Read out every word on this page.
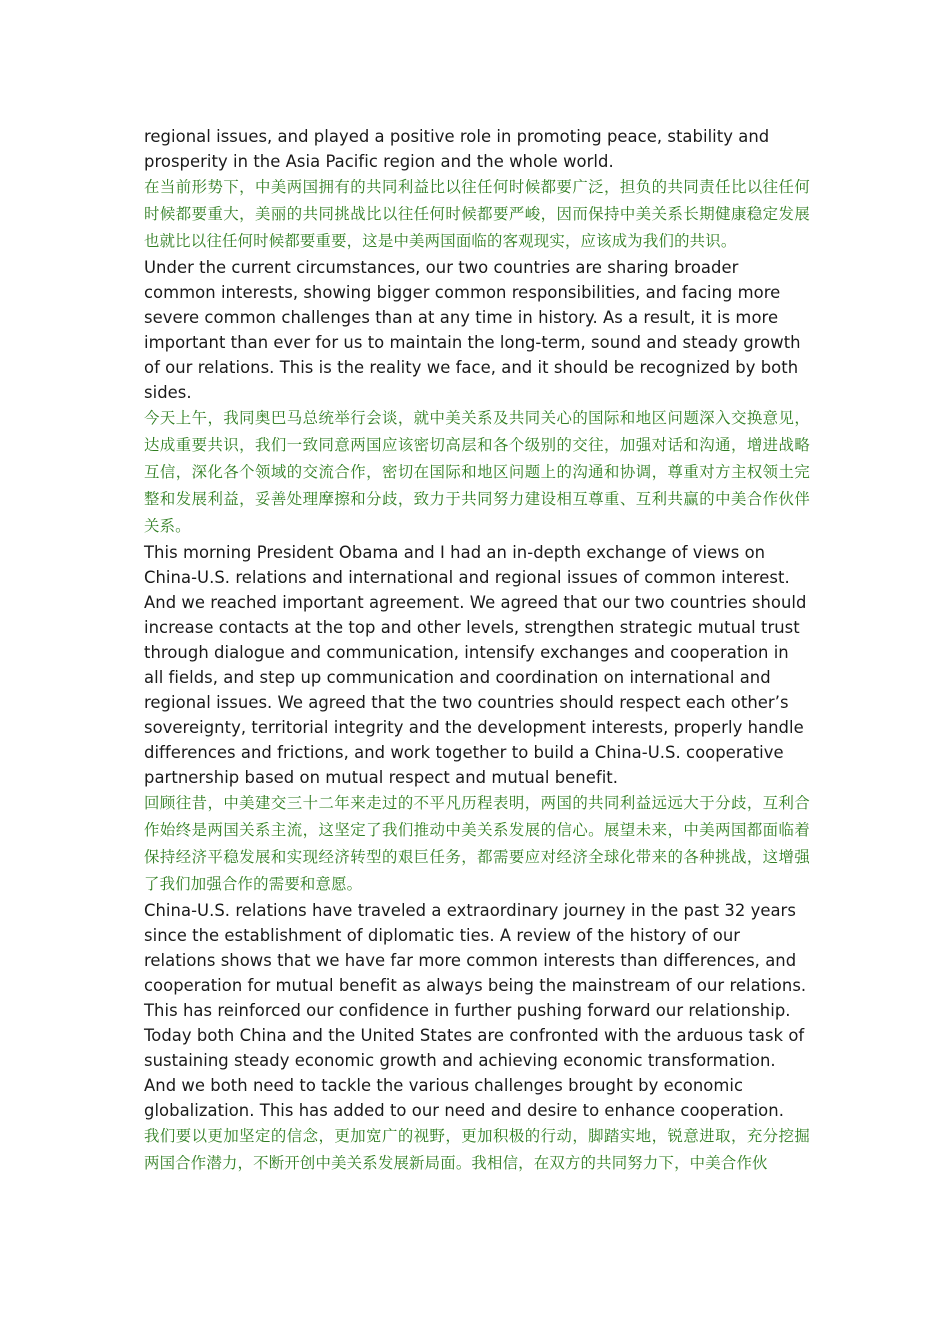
regional issues, and played a positive role in promoting peace, stability and prosperity in the Asia Pacific region and the whole world.

在当前形势下，中美两国拥有的共同利益比以往任何时候都要广泛，担负的共同责任比以往任何时候都要重大，美丽的共同挑战比以往任何时候都要严峻，因而保持中美关系长期健康稳定发展也就比以往任何时候都要重要，这是中美两国面临的客观现实，应该成为我们的共识。

Under the current circumstances, our two countries are sharing broader common interests, showing bigger common responsibilities, and facing more severe common challenges than at any time in history. As a result, it is more important than ever for us to maintain the long-term, sound and steady growth of our relations. This is the reality we face, and it should be recognized by both sides.

今天上午，我同奥巴马总统举行会谈，就中美关系及共同关心的国际和地区问题深入交换意见，达成重要共识，我们一致同意两国应该密切高层和各个级别的交往，加强对话和沟通，增进战略互信，深化各个领域的交流合作，密切在国际和地区问题上的沟通和协调，尊重对方主权领土完整和发展利益，妥善处理摩擦和分歧，致力于共同努力建设相互尊重、互利共赢的中美合作伙伴关系。

This morning President Obama and I had an in-depth exchange of views on China-U.S. relations and international and regional issues of common interest. And we reached important agreement. We agreed that our two countries should increase contacts at the top and other levels, strengthen strategic mutual trust through dialogue and communication, intensify exchanges and cooperation in all fields, and step up communication and coordination on international and regional issues. We agreed that the two countries should respect each other’s sovereignty, territorial integrity and the development interests, properly handle differences and frictions, and work together to build a China-U.S. cooperative partnership based on mutual respect and mutual benefit.

回顾往昔，中美建交三十二年来走过的不平凡历程表明，两国的共同利益远远大于分歧，互利合作始终是两国关系主流，这坚定了我们推动中美关系发展的信心。展望未来，中美两国都面临着保持经济平稳发展和实现经济转型的艰巨任务，都需要应对经济全球化带来的各种挑战，这增强了我们加强合作的需要和意愿。

China-U.S. relations have traveled a extraordinary journey in the past 32 years since the establishment of diplomatic ties. A review of the history of our relations shows that we have far more common interests than differences, and cooperation for mutual benefit as always being the mainstream of our relations. This has reinforced our confidence in further pushing forward our relationship. Today both China and the United States are confronted with the arduous task of sustaining steady economic growth and achieving economic transformation. And we both need to tackle the various challenges brought by economic globalization. This has added to our need and desire to enhance cooperation.

我们要以更加坚定的信念，更加宽广的视野，更加积极的行动，脚踏实地，锐意进取，充分挖掘两国合作潜力，不断开创中美关系发展新局面。我相信，在双方的共同努力下，中美合作伙
